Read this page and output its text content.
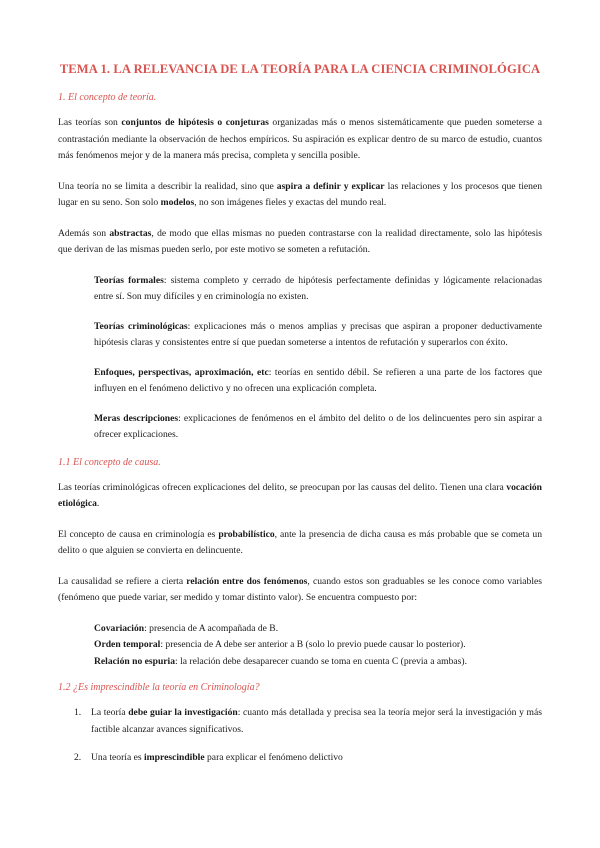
TEMA 1. LA RELEVANCIA DE LA TEORÍA PARA LA CIENCIA CRIMINOLÓGICA
1. El concepto de teoría.

Las teorías son conjuntos de hipótesis o conjeturas organizadas más o menos sistemáticamente que pueden someterse a contrastación mediante la observación de hechos empíricos. Su aspiración es explicar dentro de su marco de estudio, cuantos más fenómenos mejor y de la manera más precisa, completa y sencilla posible.

Una teoría no se limita a describir la realidad, sino que aspira a definir y explicar las relaciones y los procesos que tienen lugar en su seno. Son solo modelos, no son imágenes fieles y exactas del mundo real.

Además son abstractas, de modo que ellas mismas no pueden contrastarse con la realidad directamente, solo las hipótesis que derivan de las mismas pueden serlo, por este motivo se someten a refutación.

Teorías formales: sistema completo y cerrado de hipótesis perfectamente definidas y lógicamente relacionadas entre sí. Son muy difíciles y en criminología no existen.

Teorías criminológicas: explicaciones más o menos amplias y precisas que aspiran a proponer deductivamente hipótesis claras y consistentes entre sí que puedan someterse a intentos de refutación y superarlos con éxito.

Enfoques, perspectivas, aproximación, etc: teorías en sentido débil. Se refieren a una parte de los factores que influyen en el fenómeno delictivo y no ofrecen una explicación completa.

Meras descripciones: explicaciones de fenómenos en el ámbito del delito o de los delincuentes pero sin aspirar a ofrecer explicaciones.

1.1 El concepto de causa.

Las teorías criminológicas ofrecen explicaciones del delito, se preocupan por las causas del delito. Tienen una clara vocación etiológica.

El concepto de causa en criminología es probabilístico, ante la presencia de dicha causa es más probable que se cometa un delito o que alguien se convierta en delincuente.

La causalidad se refiere a cierta relación entre dos fenómenos, cuando estos son graduables se les conoce como variables (fenómeno que puede variar, ser medido y tomar distinto valor). Se encuentra compuesto por:

Covariación: presencia de A acompañada de B.
Orden temporal: presencia de A debe ser anterior a B (solo lo previo puede causar lo posterior).
Relación no espuria: la relación debe desaparecer cuando se toma en cuenta C (previa a ambas).
1.2 ¿Es imprescindible la teoría en Criminología?
1. La teoría debe guiar la investigación: cuanto más detallada y precisa sea la teoría mejor será la investigación y más factible alcanzar avances significativos.
2. Una teoría es imprescindible para explicar el fenómeno delictivo
